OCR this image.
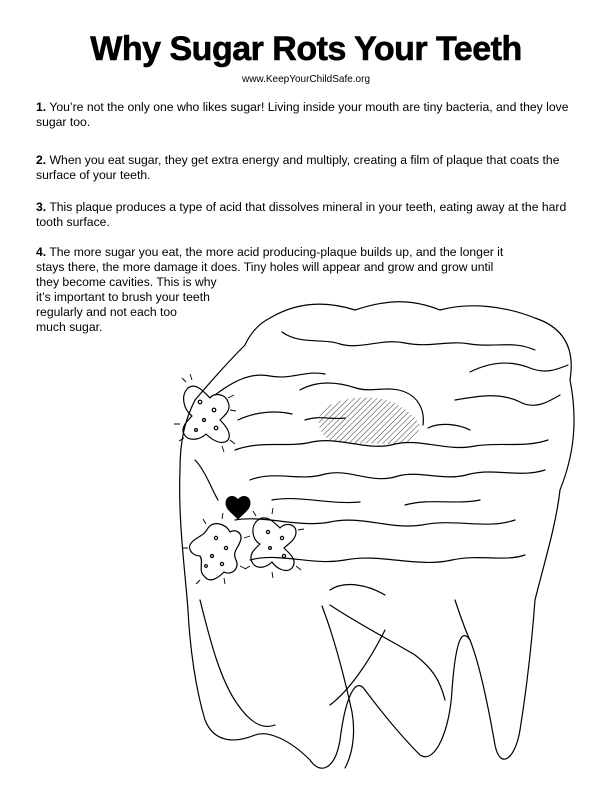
Why Sugar Rots Your Teeth
www.KeepYourChildSafe.org

1. You’re not the only one who likes sugar! Living inside your mouth are tiny bacteria, and they love sugar too.

2. When you eat sugar, they get extra energy and multiply, creating a film of plaque that coats the surface of your teeth.

3. This plaque produces a type of acid that dissolves mineral in your teeth, eating away at the hard tooth surface.

4. The more sugar you eat, the more acid producing-plaque builds up, and the longer it
stays there, the more damage it does. Tiny holes will appear and grow and grow until
they become cavities. This is why
it’s important to brush your teeth
regularly and not each too
much sugar.
